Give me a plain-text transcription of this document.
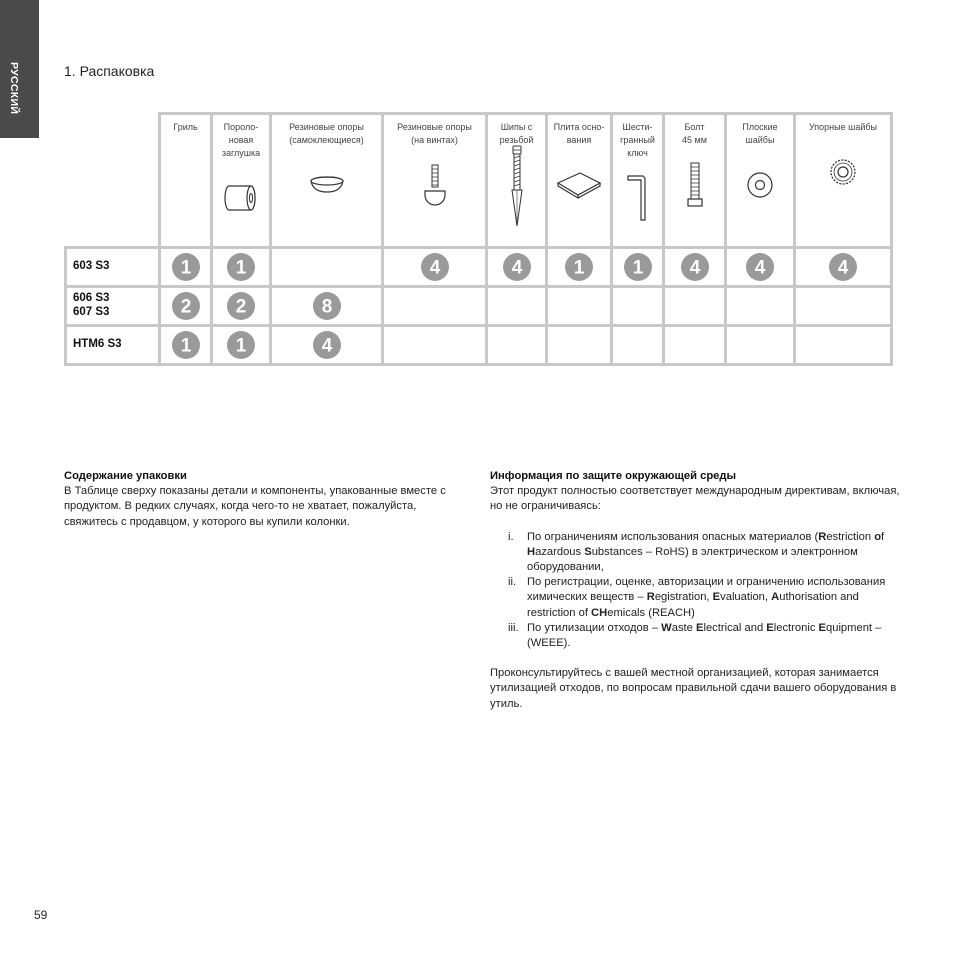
РУССКИЙ	1. Распаковка

	Гриль	Пороло-
новая
заглушка	Резиновые опоры
(самоклеющиеся)	Резиновые опоры
(на винтах)	Шипы с
резьбой	Плита осно-
вания	Шести-
гранный
ключ	Болт
45 мм	Плоские
шайбы	Упорные шайбы

603 S3	1	1		4	4	1	1	4	4	4

606 S3
607 S3	2	2	8							

HTM6 S3	1	1	4							

Содержание упаковки

В Таблице сверху показаны детали и компоненты, упакованные вместе с продуктом. В редких случаях, когда чего-то не хватает, пожалуйста, свяжитесь с продавцом, у которого вы купили колонки.

Информация по защите окружающей среды

Этот продукт полностью соответствует международным директивам, включая, но не ограничиваясь:

i.	По ограничениям использования опасных материалов (Restriction of Hazardous Substances – RoHS) в электрическом и электронном оборудовании,
ii. По регистрации, оценке, авторизации и ограничению использования химических веществ – Registration, Evaluation, Authorisation and restriction of CHemicals (REACH)
iii. По утилизации отходов – Waste Electrical and Electronic Equipment – (WEEE).

Проконсультируйтесь с вашей местной организацией, которая занимается утилизацией отходов, по вопросам правильной сдачи вашего оборудования в утиль.

59
